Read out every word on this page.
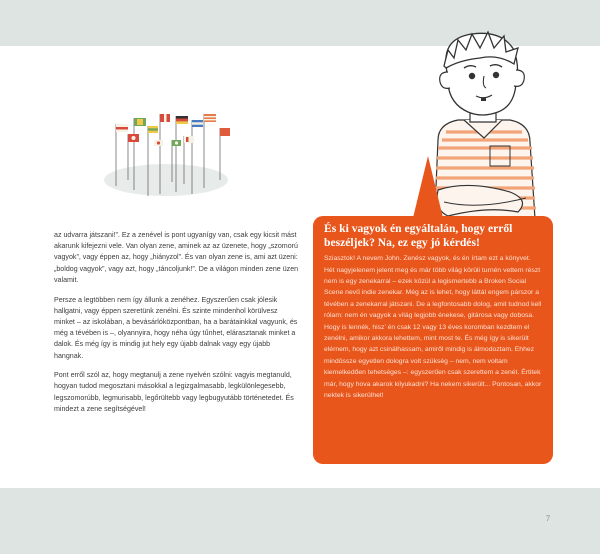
7

az udvarra játszani!”. Ez a zenével is pont ugyanígy van, csak egy kicsit mást akarunk kifejezni vele. Van olyan zene, aminek az az üzenete, hogy „szomorú vagyok”, vagy éppen az, hogy „hiányzol”. És van olyan zene is, ami azt üzeni: „boldog vagyok”, vagy azt, hogy „táncoljunk!”. De a világon minden zene üzen valamit.

Persze a legtöbben nem így állunk a zenéhez. Egyszerűen csak jólesik hallgatni, vagy éppen szeretünk zenélni. És szinte mindenhol körülvesz minket – az iskolában, a bevásárlóközpontban, ha a barátainkkal vagyunk, és még a tévében is –, olyannyira, hogy néha úgy tűnhet, elárasztanak minket a dalok. És még így is mindig jut hely egy újabb dalnak vagy egy újabb hangnak.

Pont erről szól az, hogy megtanulj a zene nyelvén szólni: vagyis megtanuld, hogyan tudod megosztani másokkal a legizgalmasabb, legkülönlegesebb, legszomorúbb, legmurisabb, legőrültebb vagy legbugyutább történetedet. És mindezt a zene segítségével!

És ki vagyok én egyáltalán, hogy erről beszéljek? Na, ez egy jó kérdés!

Sziasztok! A nevem John. Zenész vagyok, és én írtam ezt a könyvet. Hét nagyjelenem jelent meg és már több világ körüli turnén vettem részt nem is egy zenekarral – ezek közül a legismertebb a Broken Social Scene nevű indie zenekar. Még az is lehet, hogy láttál engem párszor a tévében a zenekarral játszani. De a legfontosabb dolog, amit tudnod kell rólam: nem én vagyok a világ legjobb énekese, gitárosa vagy dobosa. Hogy is lennék, hisz’ én csak 12 vagy 13 éves koromban kezdtem el zenélni, amikor akkora lehettem, mint most te. És még így is sikerült elérnem, hogy azt csinálhassam, amiről mindig is álmodoztam. Ehhez mindössze egyetlen dologra volt szükség – nem, nem voltam kiemelkedően tehetséges –: egyszerűen csak szerettem a zenét. Értitek már, hogy hova akarok kilyukadni? Ha nekem sikerült... Pontosan, akkor nektek is sikerülhet!
